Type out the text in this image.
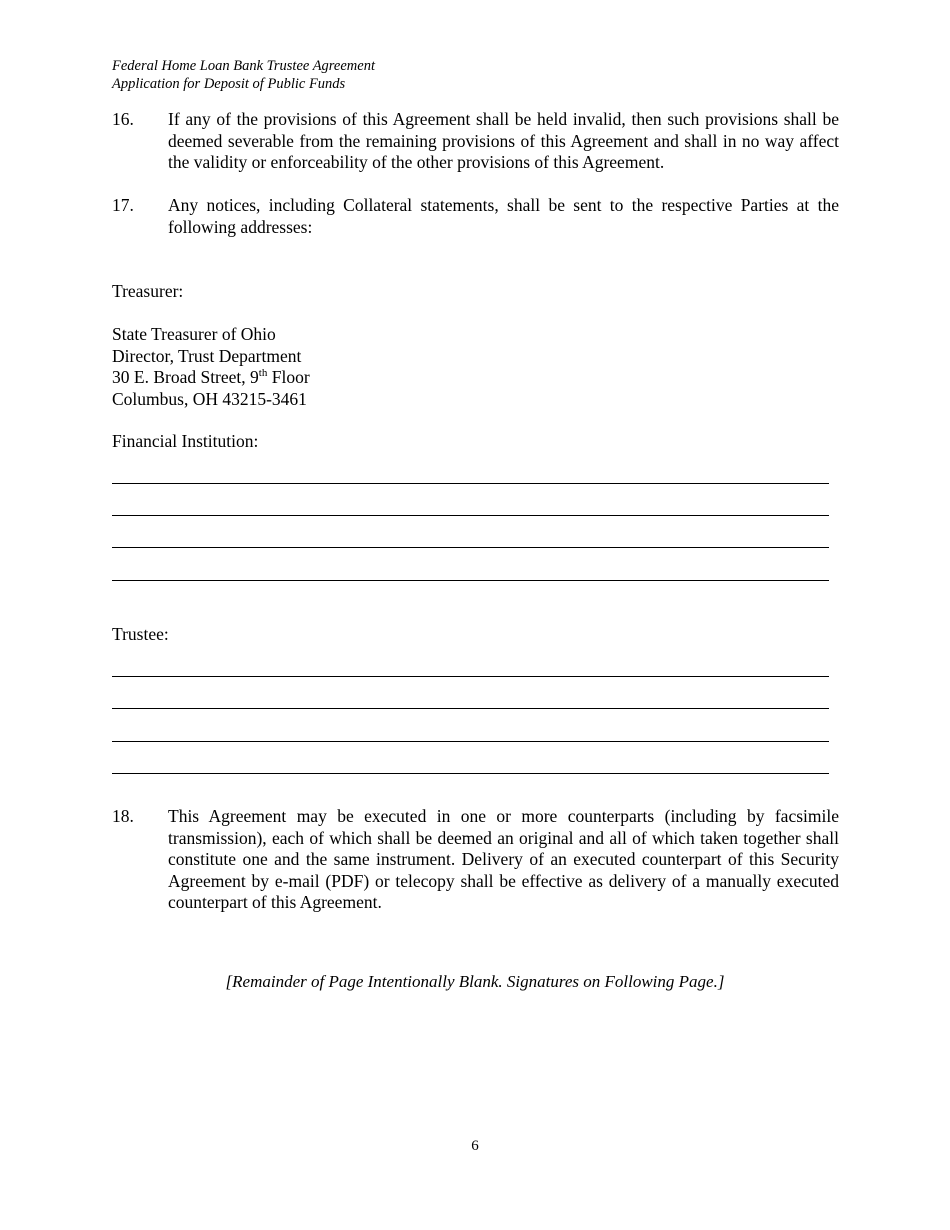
Federal Home Loan Bank Trustee Agreement
Application for Deposit of Public Funds
16. If any of the provisions of this Agreement shall be held invalid, then such provisions shall be deemed severable from the remaining provisions of this Agreement and shall in no way affect the validity or enforceability of the other provisions of this Agreement.
17. Any notices, including Collateral statements, shall be sent to the respective Parties at the following addresses:
Treasurer:
State Treasurer of Ohio
Director, Trust Department
30 E. Broad Street, 9th Floor
Columbus, OH 43215-3461
Financial Institution:
Trustee:
18. This Agreement may be executed in one or more counterparts (including by facsimile transmission), each of which shall be deemed an original and all of which taken together shall constitute one and the same instrument. Delivery of an executed counterpart of this Security Agreement by e-mail (PDF) or telecopy shall be effective as delivery of a manually executed counterpart of this Agreement.
[Remainder of Page Intentionally Blank. Signatures on Following Page.]
6
